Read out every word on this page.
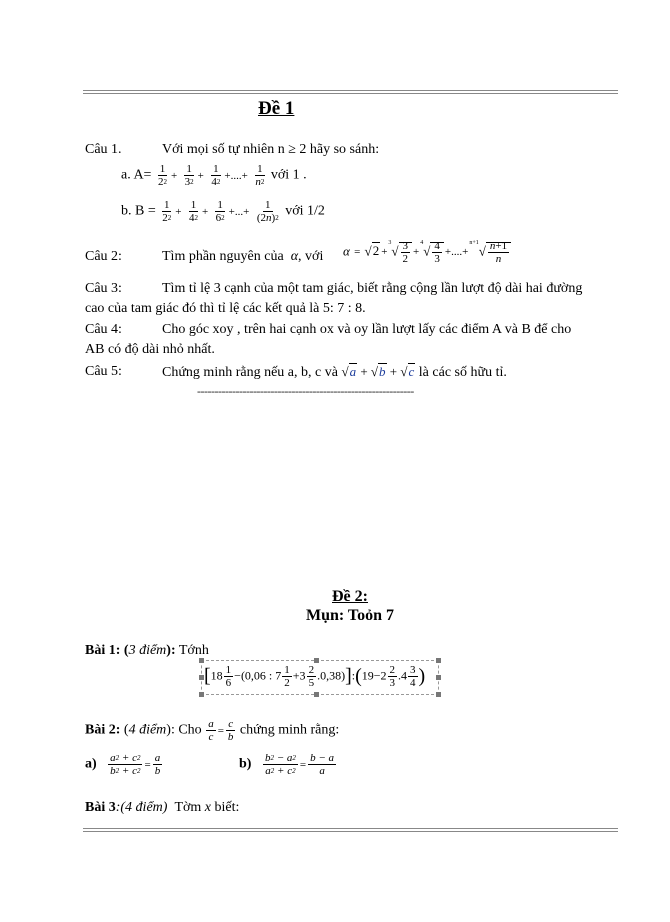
Đề 1
Câu 1.	Với mọi số tự nhiên n ≥ 2 hãy so sánh:
a. $A= \frac{1}{2^2} + \frac{1}{3^2} + \frac{1}{4^2}$ +....+ $\frac{1}{n^2}$ với 1 .
b. $B = \frac{1}{2^2} + \frac{1}{4^2} + \frac{1}{6^2}$ +...+ $\frac{1}{(2n)^2}$ với 1/2
Câu 2:	Tìm phần nguyên của α, với $\alpha = √2 +^3√ \frac{3}{2} +^4√ \frac{4}{3} +....+^{n+1}√ \frac{n+1}{n}$
Câu 3:	Tìm tỉ lệ 3 cạnh của một tam giác, biết rằng cộng lần lượt độ dài hai đường
cao của tam giác đó thì tỉ lệ các kết quả là 5: 7 : 8.
Câu 4:	Cho góc xoy , trên hai cạnh ox và oy lần lượt lấy các điểm A và B để cho
AB có độ dài nhỏ nhất.
Câu 5:	Chứng minh rằng nếu a, b, c và √a + √b + √c là các số hữu tỉ.
--------------------------------------------------------------
Đề 2:
Mụn: Toỏn 7
Bài 1: (3 điểm): Tớnh
[$18 \frac{1}{6} -(0,06$ : $7 \frac{1}{2} +3 \frac{2}{5}$ .0,38)]:(19−2 $\frac{2}{3} .4 \frac{3}{4}$ )
Bài 2: (4 điểm): Cho $\frac{a}{c} = \frac{c}{b}$ chứng minh rằng:
$a) \frac{a^2 + c^2}{b^2 + c^2} = \frac{a}{b}$	$b) \frac{b^2 - a^2}{a^2 + c^2} = \frac{b - a}{a}$
Bài 3:(4 điểm) Tờm x biết:
